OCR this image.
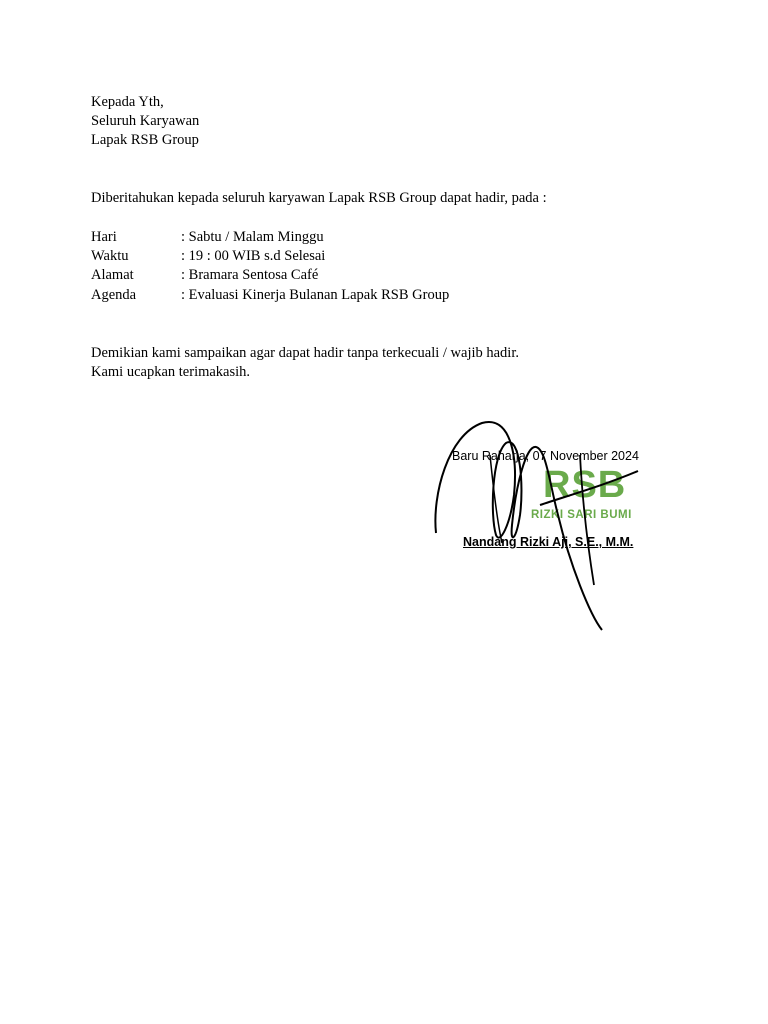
Kepada Yth,
Seluruh Karyawan
Lapak RSB Group
Diberitahukan kepada seluruh karyawan Lapak RSB Group dapat hadir, pada :
Hari	: Sabtu / Malam Minggu
Waktu	: 19 : 00 WIB s.d Selesai
Alamat	: Bramara Sentosa Café
Agenda	: Evaluasi Kinerja Bulanan Lapak RSB Group
Demikian kami sampaikan agar dapat hadir tanpa terkecuali / wajib hadir.
Kami ucapkan terimakasih.
Baru Raharja, 07 November 2024
RSB
RIZKI SARI BUMI
Nandang Rizki Aji, S.E., M.M.
